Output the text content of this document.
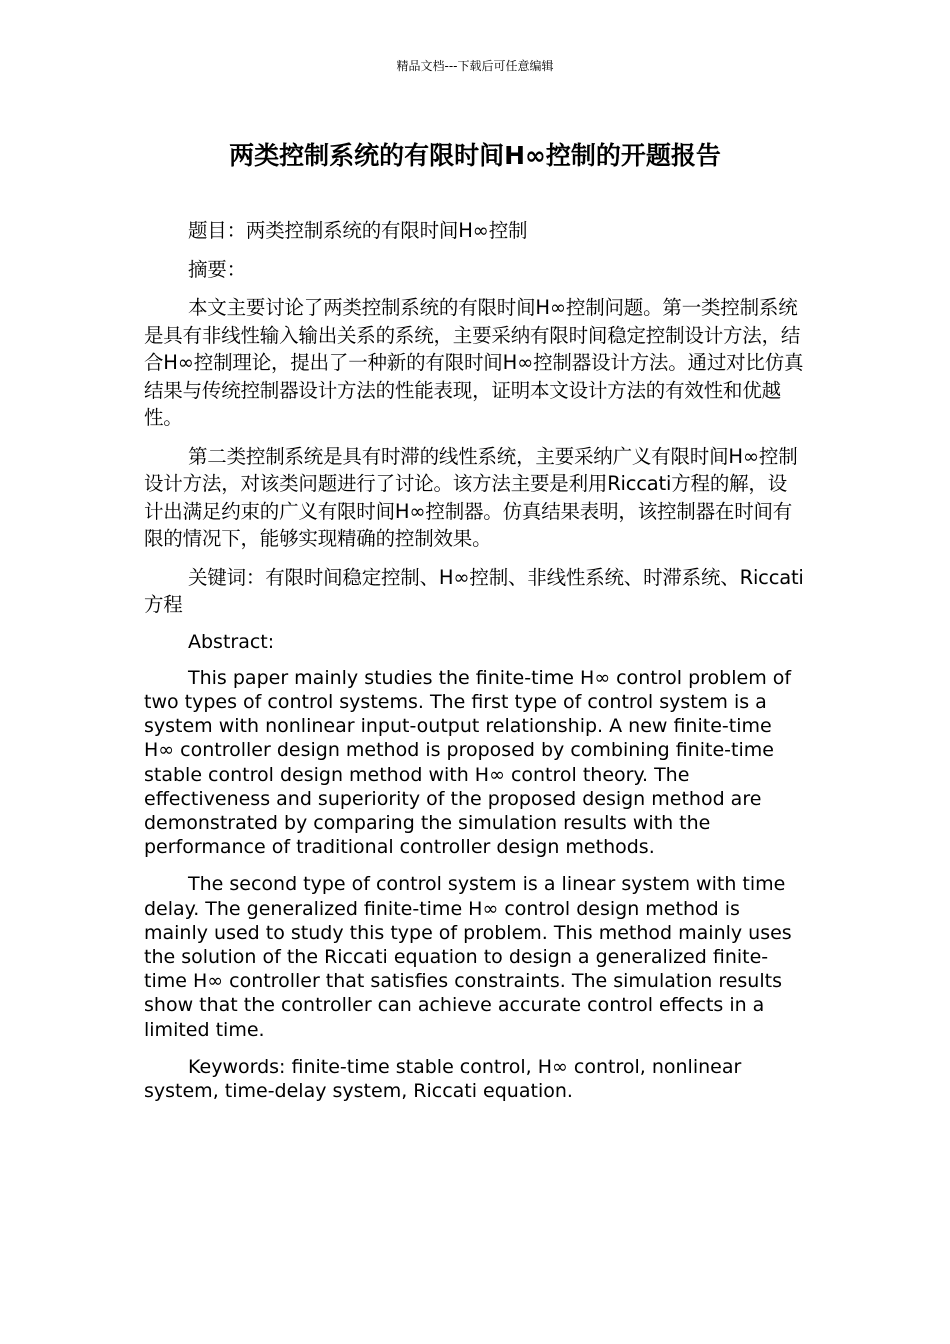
精品文档---下载后可任意编辑
两类控制系统的有限时间H∞控制的开题报告

题目：两类控制系统的有限时间H∞控制

摘要：

本文主要讨论了两类控制系统的有限时间H∞控制问题。第一类控制系统是具有非线性输入输出关系的系统，主要采纳有限时间稳定控制设计方法，结合H∞控制理论，提出了一种新的有限时间H∞控制器设计方法。通过对比仿真结果与传统控制器设计方法的性能表现，证明本文设计方法的有效性和优越性。

第二类控制系统是具有时滞的线性系统，主要采纳广义有限时间H∞控制设计方法，对该类问题进行了讨论。该方法主要是利用Riccati方程的解，设计出满足约束的广义有限时间H∞控制器。仿真结果表明，该控制器在时间有限的情况下，能够实现精确的控制效果。

关键词：有限时间稳定控制、H∞控制、非线性系统、时滞系统、Riccati方程

Abstract:

This paper mainly studies the finite-time H∞ control problem of two types of control systems. The first type of control system is a system with nonlinear input-output relationship. A new finite-time H∞ controller design method is proposed by combining finite-time stable control design method with H∞ control theory. The effectiveness and superiority of the proposed design method are demonstrated by comparing the simulation results with the performance of traditional controller design methods.

The second type of control system is a linear system with time delay. The generalized finite-time H∞ control design method is mainly used to study this type of problem. This method mainly uses the solution of the Riccati equation to design a generalized finite-time H∞ controller that satisfies constraints. The simulation results show that the controller can achieve accurate control effects in a limited time.

Keywords: finite-time stable control, H∞ control, nonlinear system, time-delay system, Riccati equation.
